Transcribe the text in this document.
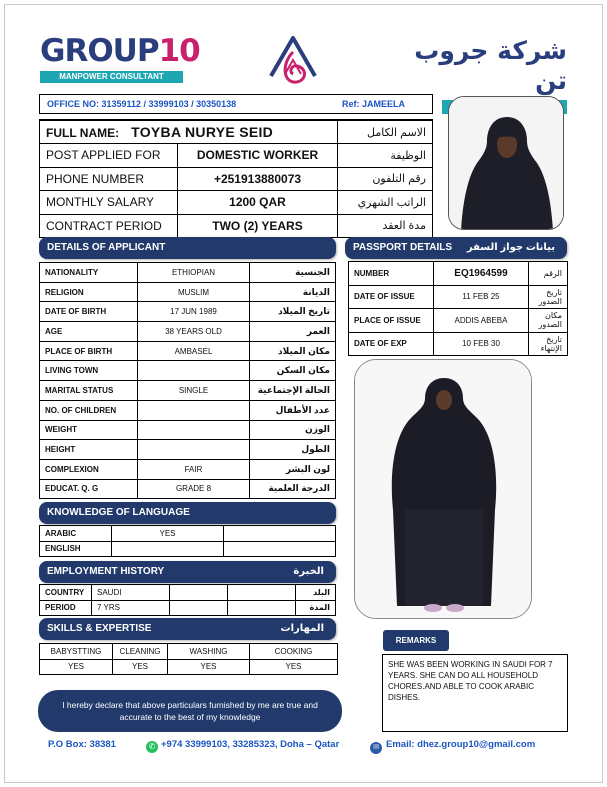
GROUP10
MANPOWER CONSULTANT
شركة جروب تن
OFFICE NO: 31359112 / 33999103 / 30350138	Ref: JAMEELA
FULL NAME: TOYBA NURYE SEID		الاسم الكامل
POST APPLIED FOR	DOMESTIC WORKER	الوظيفة
PHONE NUMBER	+251913880073	رقم التلفون
MONTHLY SALARY	1200 QAR	الراتب الشهري
CONTRACT PERIOD	TWO (2) YEARS	مدة العقد
DETAILS OF APPLICANT	PASSPORT DETAILS بيانات جواز السفر
NATIONALITY	ETHIOPIAN	الجنسية
RELIGION	MUSLIM	الديانة
DATE OF BIRTH	17 JUN 1989	تاريخ الميلاد
AGE	38 YEARS OLD	العمر
PLACE OF BIRTH	AMBASEL	مكان الميلاد
LIVING TOWN		مكان السكن
MARITAL STATUS	SINGLE	الحالة الإجتماعية
NO. OF CHILDREN		عدد الأطفال
WEIGHT		الوزن
HEIGHT		الطول
COMPLEXION	FAIR	لون البشر
EDUCAT. Q. G	GRADE 8	الدرجة العلمية
NUMBER	EQ1964599	الرقم
DATE OF ISSUE	11 FEB 25	تاريخ الصدور
PLACE OF ISSUE	ADDIS ABEBA	مكان الصدور
DATE OF EXP	10 FEB 30	تاريخ الإنتهاء
KNOWLEDGE OF LANGUAGE
ARABIC	YES	
ENGLISH		
EMPLOYMENT HISTORY	الخبرة
COUNTRY	SAUDI			البلد
PERIOD	7 YRS			المدة
SKILLS & EXPERTISE	المهارات
BABYSTTING	CLEANING	WASHING	COOKING
YES	YES	YES	YES
REMARKS
SHE WAS BEEN WORKING IN SAUDI FOR 7 YEARS. SHE CAN DO ALL HOUSEHOLD CHORES.AND ABLE TO COOK ARABIC DISHES.
I hereby declare that above particulars furnished by me are true and accurate to the best of my knowledge
P.O Box: 38381	✆ +974 33999103, 33285323, Doha – Qatar	✉ Email: dhez.group10@gmail.com
